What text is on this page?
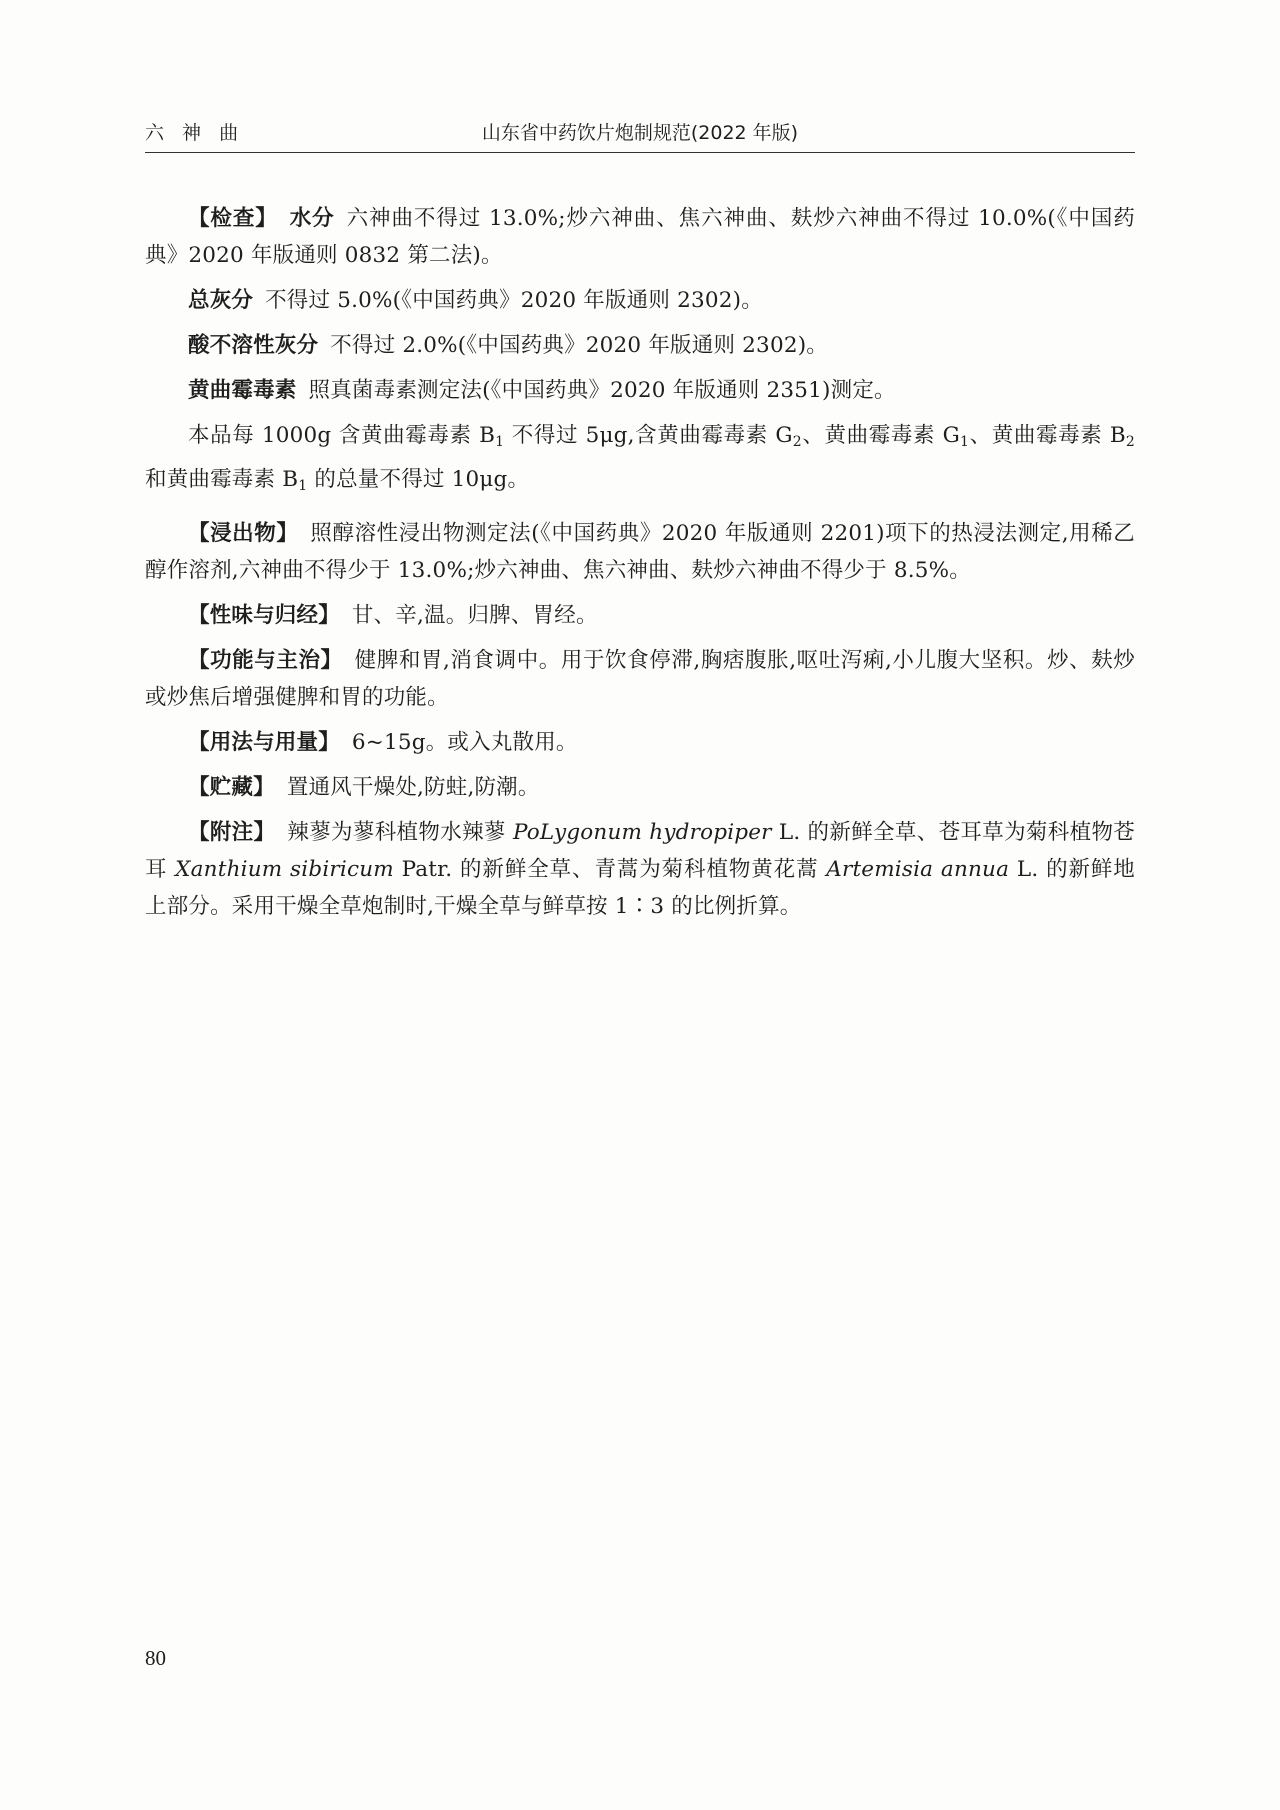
六 神 曲	山东省中药饮片炮制规范(2022 年版)

【检查】 水分 六神曲不得过 13.0%;炒六神曲、焦六神曲、麸炒六神曲不得过 10.0%(《中国药典》2020 年版通则 0832 第二法)。

总灰分 不得过 5.0%(《中国药典》2020 年版通则 2302)。

酸不溶性灰分 不得过 2.0%(《中国药典》2020 年版通则 2302)。

黄曲霉毒素 照真菌毒素测定法(《中国药典》2020 年版通则 2351)测定。

本品每 1000g 含黄曲霉毒素 $B_1$ 不得过 5μg,含黄曲霉毒素 $G_2$、黄曲霉毒素 $G_1$、黄曲霉毒素 $B_2$ 和黄曲霉毒素 $B_1$ 的总量不得过 10μg。

【浸出物】 照醇溶性浸出物测定法(《中国药典》2020 年版通则 2201)项下的热浸法测定,用稀乙醇作溶剂,六神曲不得少于 13.0%;炒六神曲、焦六神曲、麸炒六神曲不得少于 8.5%。

【性味与归经】 甘、辛,温。归脾、胃经。

【功能与主治】 健脾和胃,消食调中。用于饮食停滞,胸痞腹胀,呕吐泻痢,小儿腹大坚积。炒、麸炒或炒焦后增强健脾和胃的功能。

【用法与用量】 6~15g。或入丸散用。

【贮藏】 置通风干燥处,防蛀,防潮。

【附注】 辣蓼为蓼科植物水辣蓼 PoLygonum hydropiper L. 的新鲜全草、苍耳草为菊科植物苍耳 Xanthium sibiricum Patr. 的新鲜全草、青蒿为菊科植物黄花蒿 Artemisia annua L. 的新鲜地上部分。采用干燥全草炮制时,干燥全草与鲜草按 1∶3 的比例折算。

80
